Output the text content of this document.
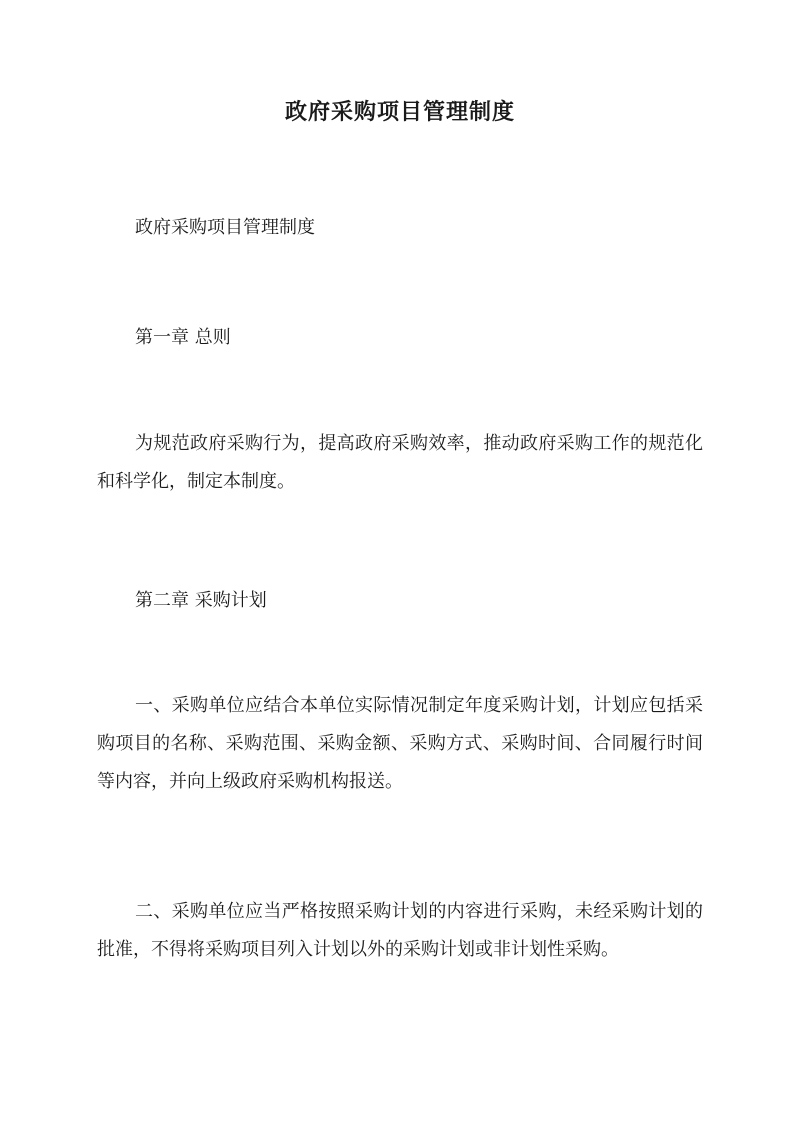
政府采购项目管理制度

政府采购项目管理制度

第一章 总则

为规范政府采购行为，提高政府采购效率，推动政府采购工作的规范化和科学化，制定本制度。

第二章 采购计划

一、采购单位应结合本单位实际情况制定年度采购计划，计划应包括采购项目的名称、采购范围、采购金额、采购方式、采购时间、合同履行时间等内容，并向上级政府采购机构报送。

二、采购单位应当严格按照采购计划的内容进行采购，未经采购计划的批准，不得将采购项目列入计划以外的采购计划或非计划性采购。
